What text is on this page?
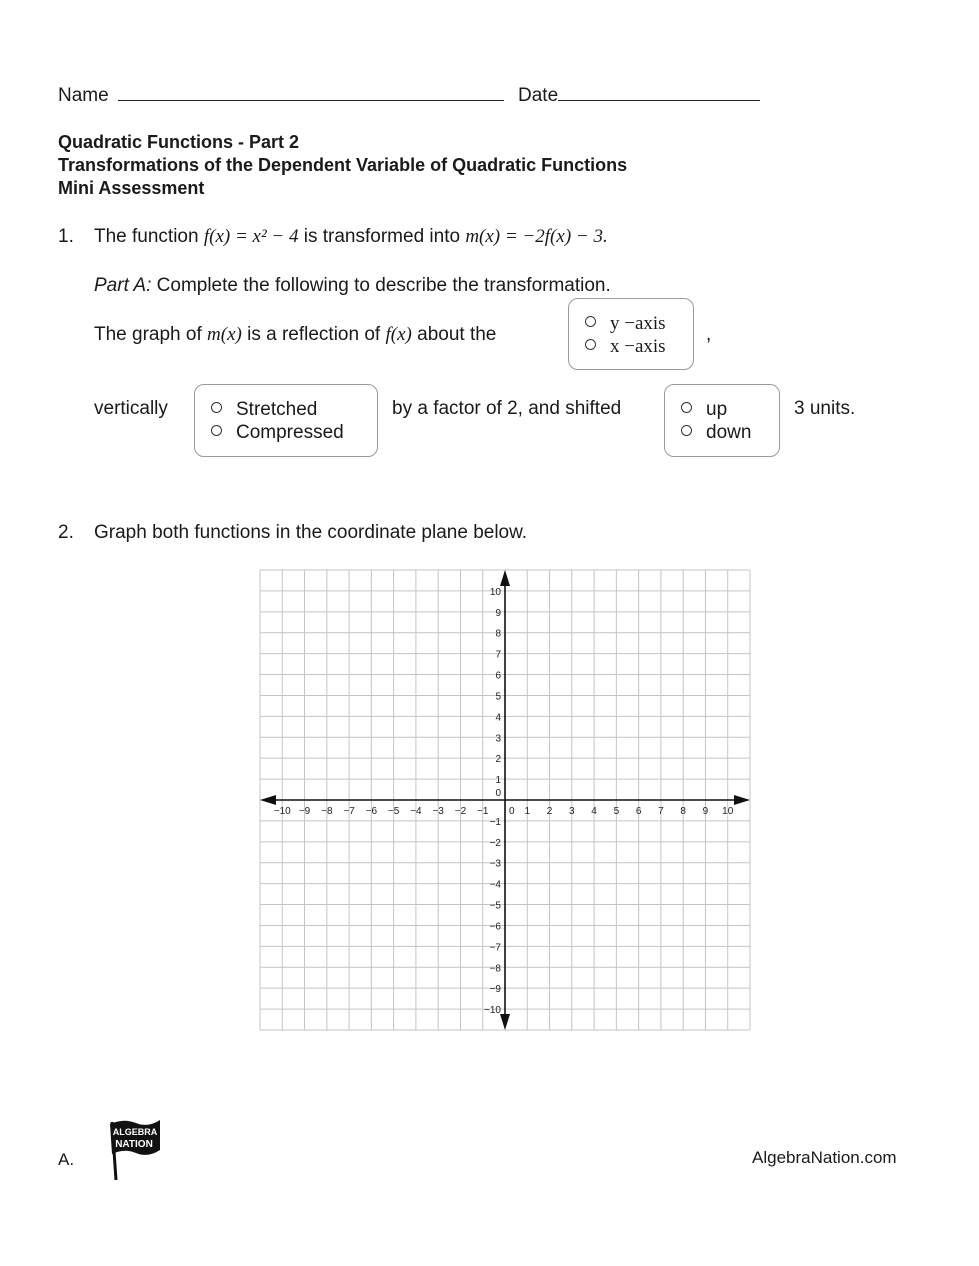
Name	Date
Quadratic Functions - Part 2
Transformations of the Dependent Variable of Quadratic Functions
Mini Assessment
1. The function f(x) = x² − 4 is transformed into m(x) = −2f(x) − 3.
Part A: Complete the following to describe the transformation.
The graph of m(x) is a reflection of f(x) about the
y −axis
x −axis
,
vertically	Stretched
Compressed
by a factor of 2, and shifted	up
down
3 units.
2. Graph both functions in the coordinate plane below.
−10 −9 −8 −7 −6 −5 −4 −3 −2 −1	1 2 3 4 5 6 7 8 9 10
−10
−9
−8
−7
−6
−5
−4
−3
−2
−1
0
1
2
3
4
5
6
7
8
9
10
0
A.
ALGEBRA
NATION
AlgebraNation.com
